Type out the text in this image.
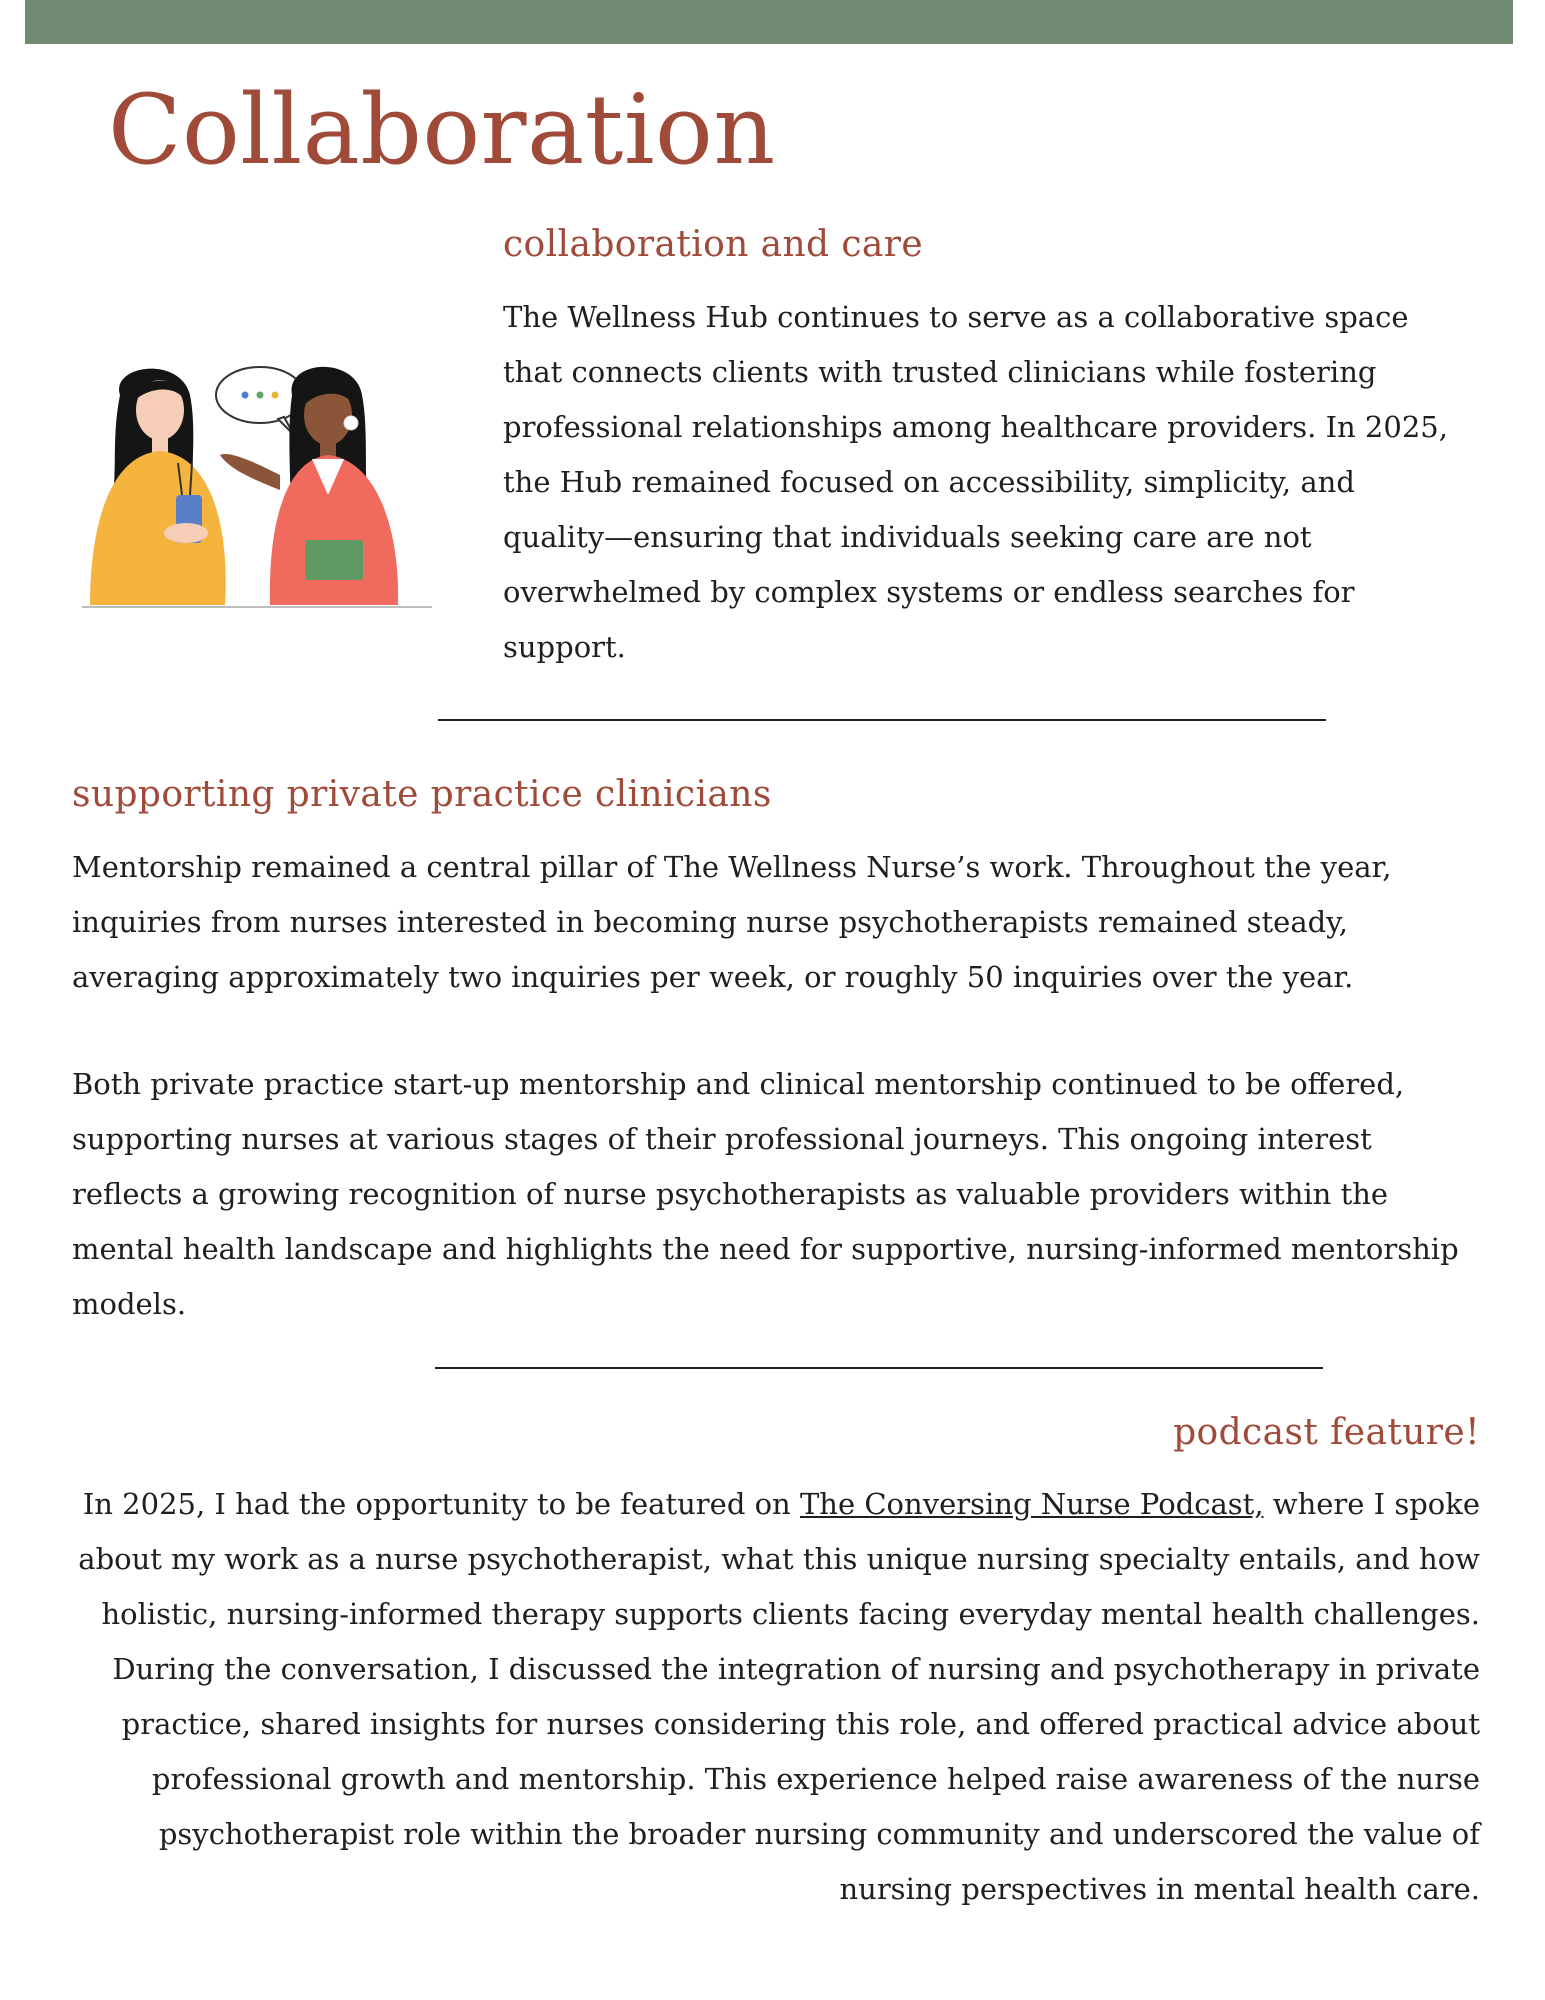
Collaboration
collaboration and care

The Wellness Hub continues to serve as a collaborative space that connects clients with trusted clinicians while fostering professional relationships among healthcare providers. In 2025, the Hub remained focused on accessibility, simplicity, and quality—ensuring that individuals seeking care are not overwhelmed by complex systems or endless searches for support.

supporting private practice clinicians

Mentorship remained a central pillar of The Wellness Nurse’s work. Throughout the year, inquiries from nurses interested in becoming nurse psychotherapists remained steady, averaging approximately two inquiries per week, or roughly 50 inquiries over the year.

Both private practice start-up mentorship and clinical mentorship continued to be offered, supporting nurses at various stages of their professional journeys. This ongoing interest reflects a growing recognition of nurse psychotherapists as valuable providers within the mental health landscape and highlights the need for supportive, nursing-informed mentorship models.

podcast feature!

In 2025, I had the opportunity to be featured on The Conversing Nurse Podcast, where I spoke about my work as a nurse psychotherapist, what this unique nursing specialty entails, and how holistic, nursing-informed therapy supports clients facing everyday mental health challenges. During the conversation, I discussed the integration of nursing and psychotherapy in private practice, shared insights for nurses considering this role, and offered practical advice about professional growth and mentorship. This experience helped raise awareness of the nurse psychotherapist role within the broader nursing community and underscored the value of nursing perspectives in mental health care.
